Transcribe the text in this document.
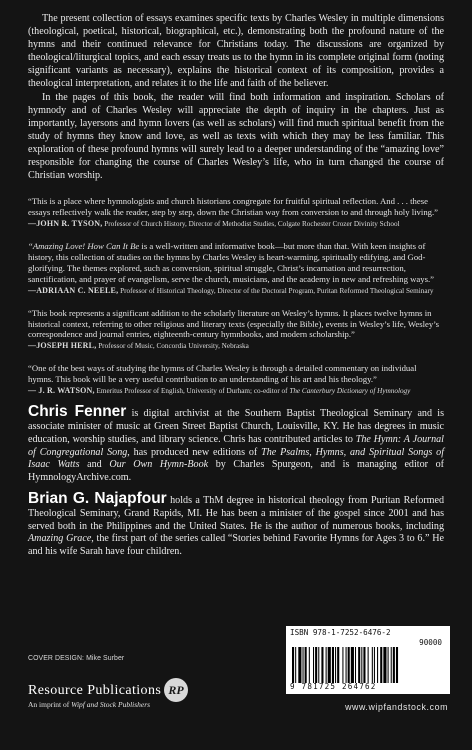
The present collection of essays examines specific texts by Charles Wesley in multiple dimensions (theological, poetical, historical, biographical, etc.), demonstrating both the profound nature of the hymns and their continued relevance for Christians today. The discussions are organized by theological/liturgical topics, and each essay treats us to the hymn in its complete original form (noting significant variants as necessary), explains the historical context of its composition, provides a theological interpretation, and relates it to the life and faith of the believer.

In the pages of this book, the reader will find both information and inspiration. Scholars of hymnody and of Charles Wesley will appreciate the depth of inquiry in the chapters. Just as importantly, layersons and hymn lovers (as well as scholars) will find much spiritual benefit from the study of hymns they know and love, as well as texts with which they may be less familiar. This exploration of these profound hymns will surely lead to a deeper understanding of the “amazing love” responsible for changing the course of Charles Wesley’s life, who in turn changed the course of Christian worship.

“This is a place where hymnologists and church historians congregate for fruitful spiritual reflection. And . . . these essays reflectively walk the reader, step by step, down the Christian way from conversion to and through holy living.”

—JOHN R. TYSON, Professor of Church History, Director of Methodist Studies, Colgate Rochester Crozer Divinity School

“Amazing Love! How Can It Be is a well-written and informative book—but more than that. With keen insights of history, this collection of studies on the hymns by Charles Wesley is heart-warming, spiritually edifying, and God-glorifying. The themes explored, such as conversion, spiritual struggle, Christ’s incarnation and resurrection, sanctification, and prayer of evangelism, serve the church, musicians, and the academy in new and refreshing ways.”

—ADRIAAN C. NEELE, Professor of Historical Theology, Director of the Doctoral Program, Puritan Reformed Theological Seminary

“This book represents a significant addition to the scholarly literature on Wesley’s hymns. It places twelve hymns in historical context, referring to other religious and literary texts (especially the Bible), events in Wesley’s life, Wesley’s correspondence and journal entries, eighteenth-century hymnbooks, and modern scholarship.”

—JOSEPH HERL, Professor of Music, Concordia University, Nebraska

“One of the best ways of studying the hymns of Charles Wesley is through a detailed commentary on individual hymns. This book will be a very useful contribution to an understanding of his art and his theology.”

— J. R. WATSON, Emeritus Professor of English, University of Durham; co-editor of The Canterbury Dictionary of Hymnology

Chris Fenner is digital archivist at the Southern Baptist Theological Seminary and is associate minister of music at Green Street Baptist Church, Louisville, KY. He has degrees in music education, worship studies, and library science. Chris has contributed articles to The Hymn: A Journal of Congregational Song, has produced new editions of The Psalms, Hymns, and Spiritual Songs of Isaac Watts and Our Own Hymn-Book by Charles Spurgeon, and is managing editor of HymnologyArchive.com.

Brian G. Najapfour holds a ThM degree in historical theology from Puritan Reformed Theological Seminary, Grand Rapids, MI. He has been a minister of the gospel since 2001 and has served both in the Philippines and the United States. He is the author of numerous books, including Amazing Grace, the first part of the series called “Stories behind Favorite Hymns for Ages 3 to 6.” He and his wife Sarah have four children.

ISBN 978-1-7252-6476-2
90000
9 781725 264762
COVER DESIGN: Mike Surber
Resource Publications
An imprint of Wipf and Stock Publishers
RP
www.wipfandstock.com
